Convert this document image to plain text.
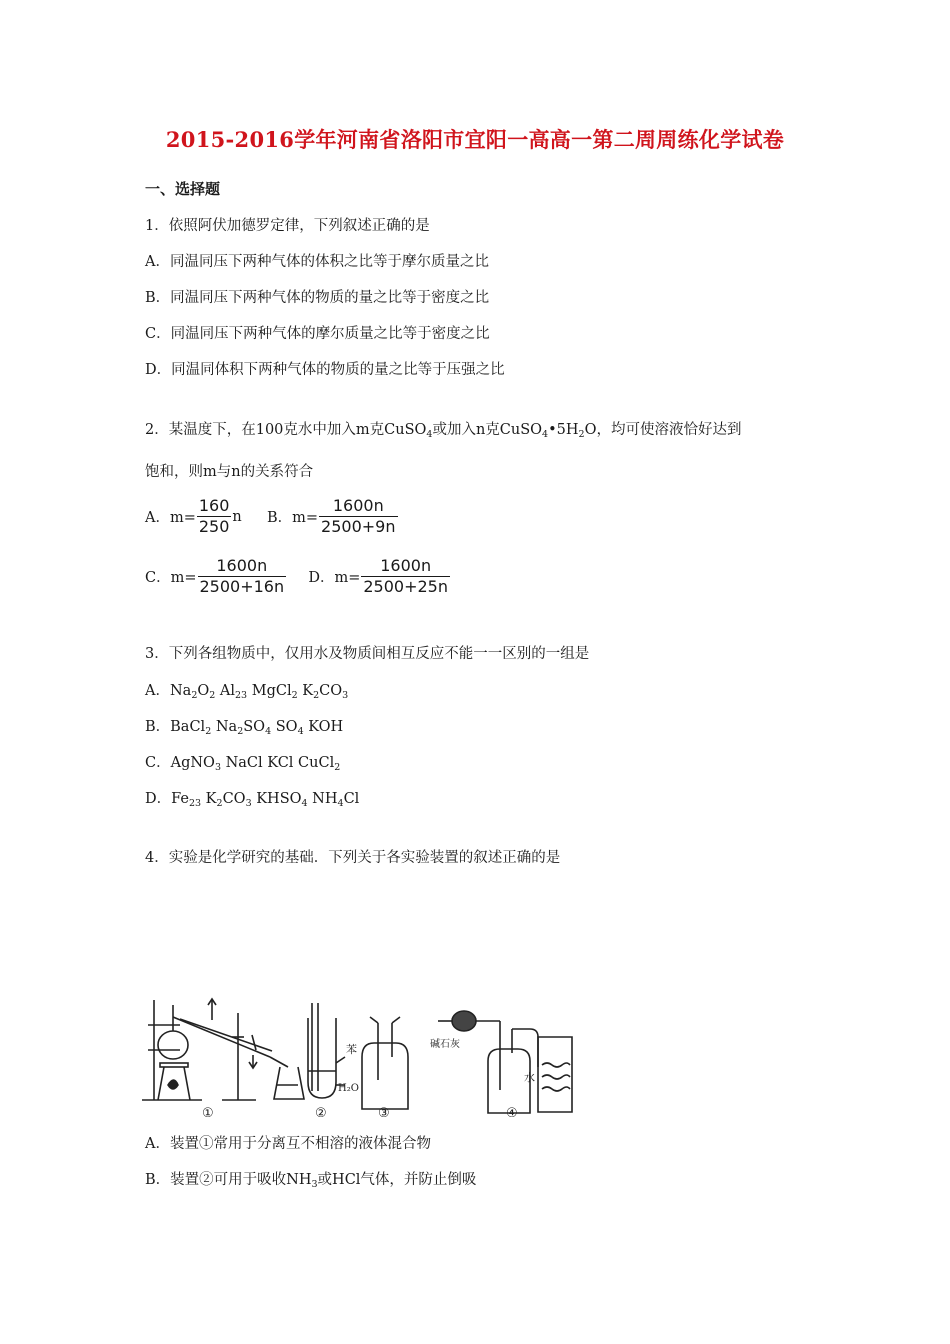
2015-2016学年河南省洛阳市宜阳一高高一第二周周练化学试卷
一、选择题
1．依照阿伏加德罗定律，下列叙述正确的是
A．同温同压下两种气体的体积之比等于摩尔质量之比
B．同温同压下两种气体的物质的量之比等于密度之比
C．同温同压下两种气体的摩尔质量之比等于密度之比
D．同温同体积下两种气体的物质的量之比等于压强之比
2．某温度下，在100克水中加入m克CuSO$_4$或加入n克$CuSO_4•5H_2O$，均可使溶液恰好达到
饱和，则m与n的关系符合
A．$m= \frac{160}{250}$ n
B．$m= \frac{1600n}{2500+9n}$
C．$m= \frac{1600n}{2500+16n}$
D．$m= \frac{1600n}{2500+25n}$
3．下列各组物质中，仅用水及物质间相互反应不能一一区别的一组是
A．$Na_2O_2$ $Al_{23}$ MgCl$_2$ $K_2CO_3$
B．BaCl$_2$ $Na_2SO_4$ $SO_4$ KOH
C．AgNO$_3$ NaCl KCl CuCl$_2$
D．$Fe_{23}$ $K_2CO_3$ $KHSO_4$ $NH_4Cl$
4．实验是化学研究的基础．下列关于各实验装置的叙述正确的是
苯
H₂O
碱石灰
水
①	②	③	④
A．装置①常用于分离互不相溶的液体混合物
B．装置②可用于吸收$NH_3$或HCl气体，并防止倒吸
